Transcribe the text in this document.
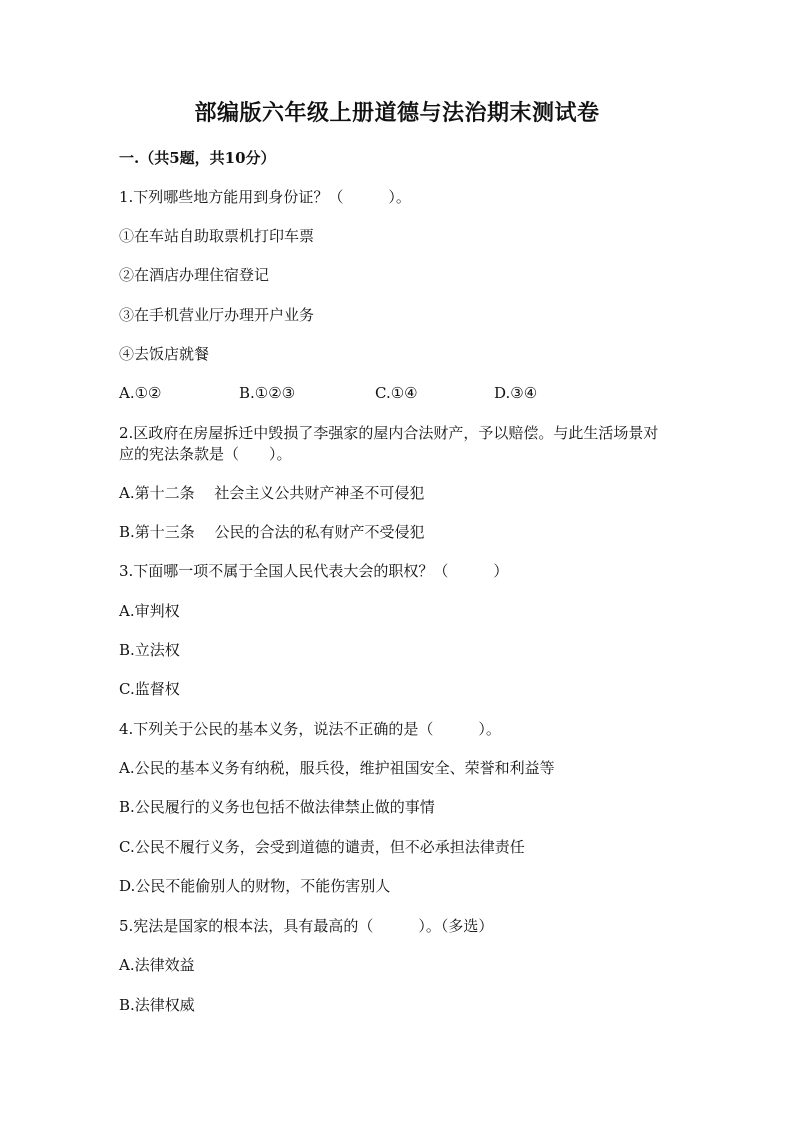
部编版六年级上册道德与法治期末测试卷
一.（共5题，共10分）
1.下列哪些地方能用到身份证？（　　　）。
①在车站自助取票机打印车票
②在酒店办理住宿登记
③在手机营业厅办理开户业务
④去饭店就餐
A.①②	B.①②③	C.①④	D.③④
2.区政府在房屋拆迁中毁损了李强家的屋内合法财产，予以赔偿。与此生活场景对应的宪法条款是（　　）。
A.第十二条　 社会主义公共财产神圣不可侵犯
B.第十三条　 公民的合法的私有财产不受侵犯
3.下面哪一项不属于全国人民代表大会的职权？（　　　）
A.审判权
B.立法权
C.监督权
4.下列关于公民的基本义务，说法不正确的是（　　　）。
A.公民的基本义务有纳税，服兵役，维护祖国安全、荣誉和利益等
B.公民履行的义务也包括不做法律禁止做的事情
C.公民不履行义务，会受到道德的谴责，但不必承担法律责任
D.公民不能偷别人的财物，不能伤害别人
5.宪法是国家的根本法，具有最高的（　　　）。（多选）
A.法律效益
B.法律权威
